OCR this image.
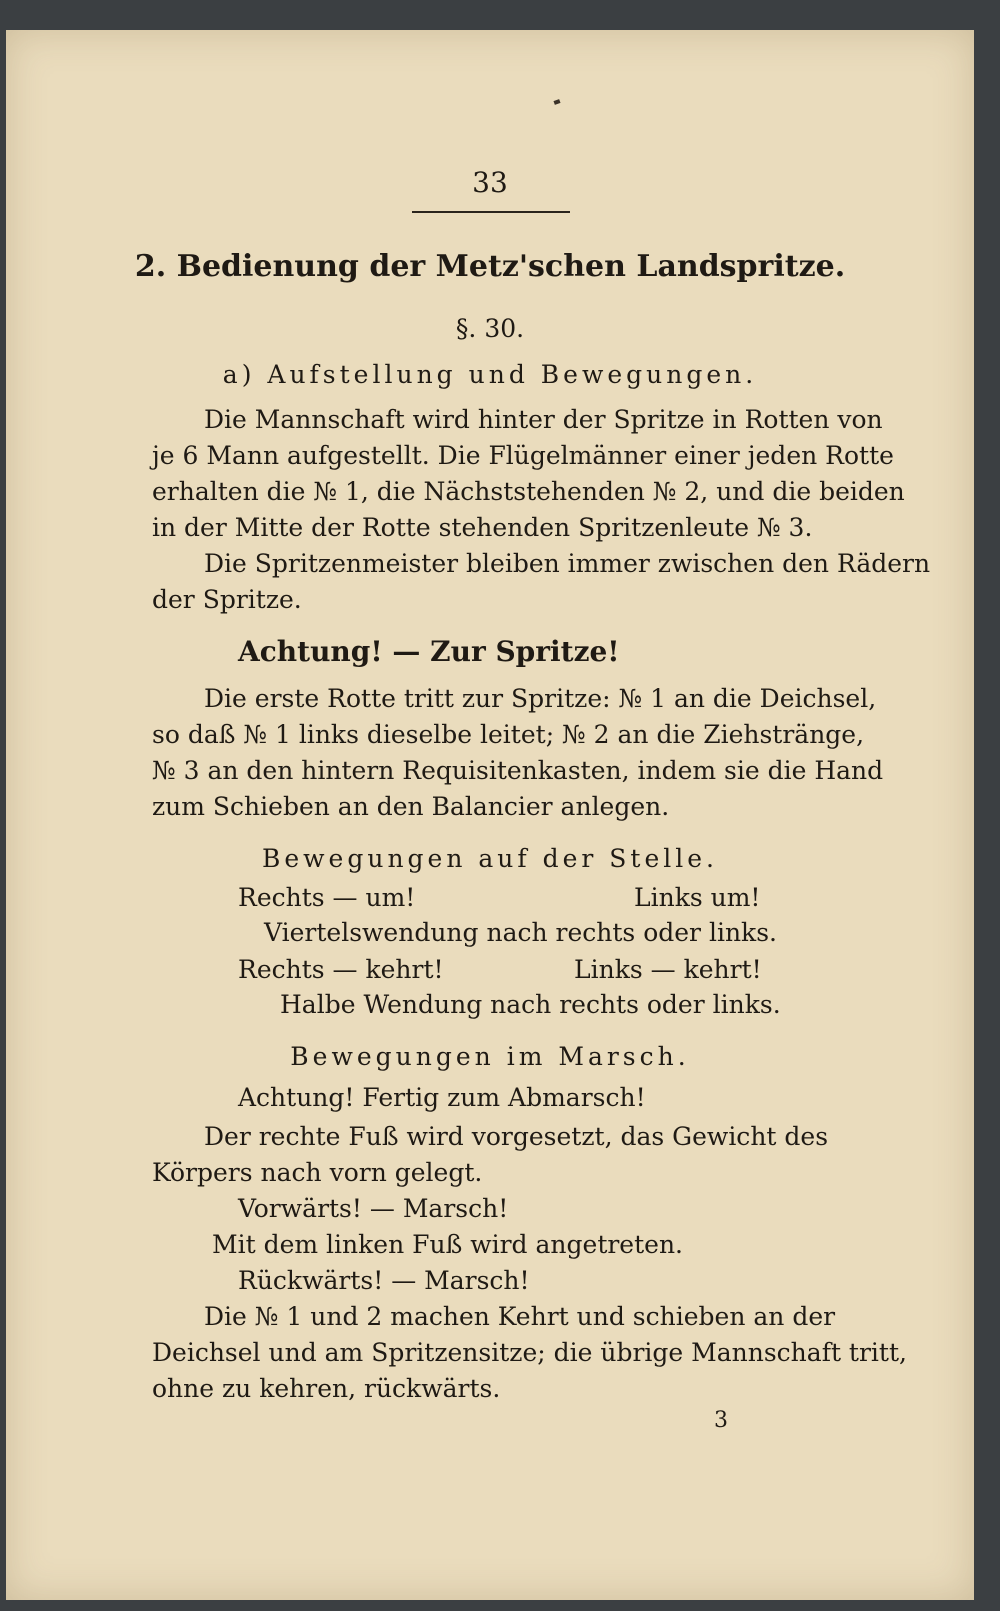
33
2. Bedienung der Metz'schen Landspritze.
§. 30.
a) Aufstellung und Bewegungen.
Die Mannschaft wird hinter der Spritze in Rotten von
je 6 Mann aufgestellt. Die Flügelmänner einer jeden Rotte
erhalten die № 1, die Nächststehenden № 2, und die beiden
in der Mitte der Rotte stehenden Spritzenleute № 3.
Die Spritzenmeister bleiben immer zwischen den Rädern
der Spritze.
Achtung! — Zur Spritze!
Die erste Rotte tritt zur Spritze: № 1 an die Deichsel,
so daß № 1 links dieselbe leitet; № 2 an die Ziehstränge,
№ 3 an den hintern Requisitenkasten, indem sie die Hand
zum Schieben an den Balancier anlegen.
Bewegungen auf der Stelle.
Rechts — um!	Links um!
Viertelswendung nach rechts oder links.
Rechts — kehrt!	Links — kehrt!
Halbe Wendung nach rechts oder links.
Bewegungen im Marsch.
Achtung! Fertig zum Abmarsch!
Der rechte Fuß wird vorgesetzt, das Gewicht des
Körpers nach vorn gelegt.
Vorwärts! — Marsch!
Mit dem linken Fuß wird angetreten.
Rückwärts! — Marsch!
Die № 1 und 2 machen Kehrt und schieben an der
Deichsel und am Spritzensitze; die übrige Mannschaft tritt,
ohne zu kehren, rückwärts.
3
